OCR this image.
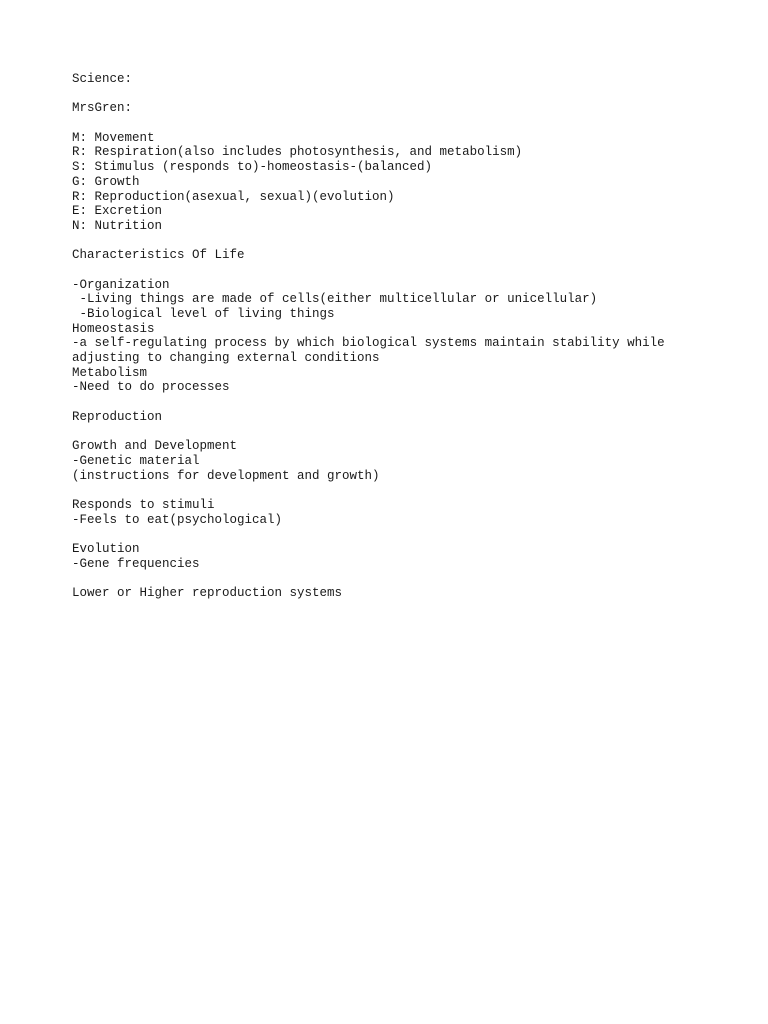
Science:
MrsGren:
M: Movement
R: Respiration(also includes photosynthesis, and metabolism)
S: Stimulus (responds to)-homeostasis-(balanced)
G: Growth
R: Reproduction(asexual, sexual)(evolution)
E: Excretion
N: Nutrition
Characteristics Of Life
-Organization
-Living things are made of cells(either multicellular or unicellular)
-Biological level of living things
Homeostasis
-a self-regulating process by which biological systems maintain stability while
adjusting to changing external conditions
Metabolism
-Need to do processes
Reproduction
Growth and Development
-Genetic material
(instructions for development and growth)
Responds to stimuli
-Feels to eat(psychological)
Evolution
-Gene frequencies
Lower or Higher reproduction systems
